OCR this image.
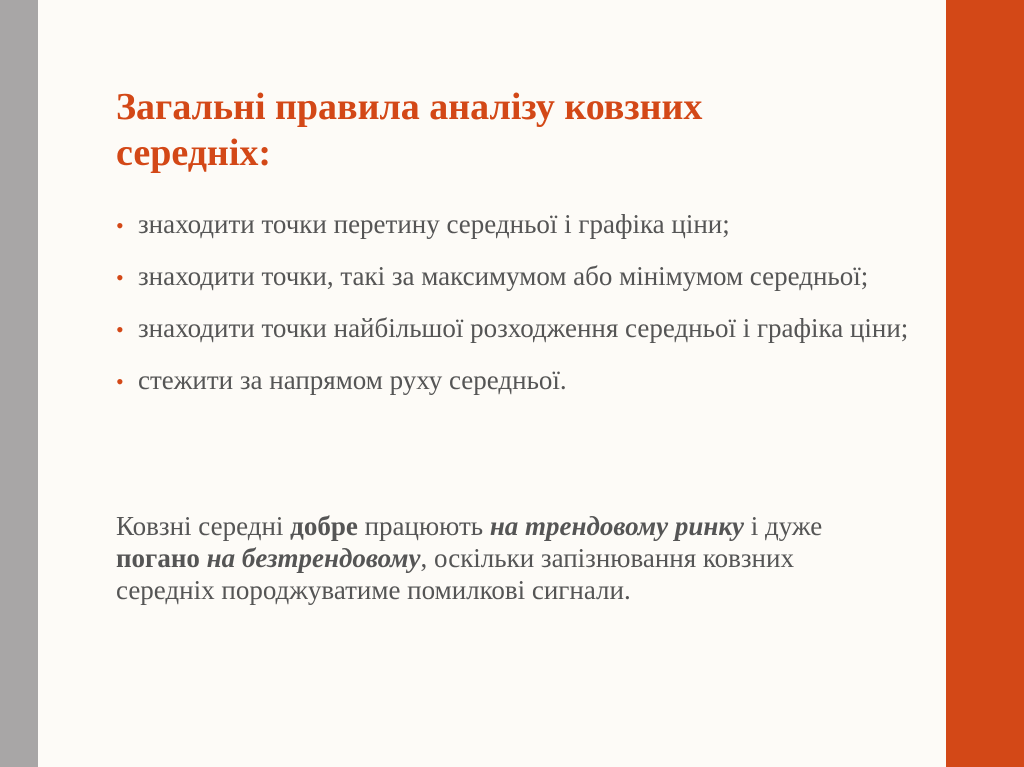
Загальні правила аналізу ковзних середніх:
• знаходити точки перетину середньої і графіка ціни;
• знаходити точки, такі за максимумом або мінімумом середньої;
• знаходити точки найбільшої розходження середньої і графіка ціни;
• стежити за напрямом руху середньої.
Ковзні середні добре працюють на трендовому ринку і дуже погано на безтрендовому, оскільки запізнювання ковзних середніх породжуватиме помилкові сигнали.
